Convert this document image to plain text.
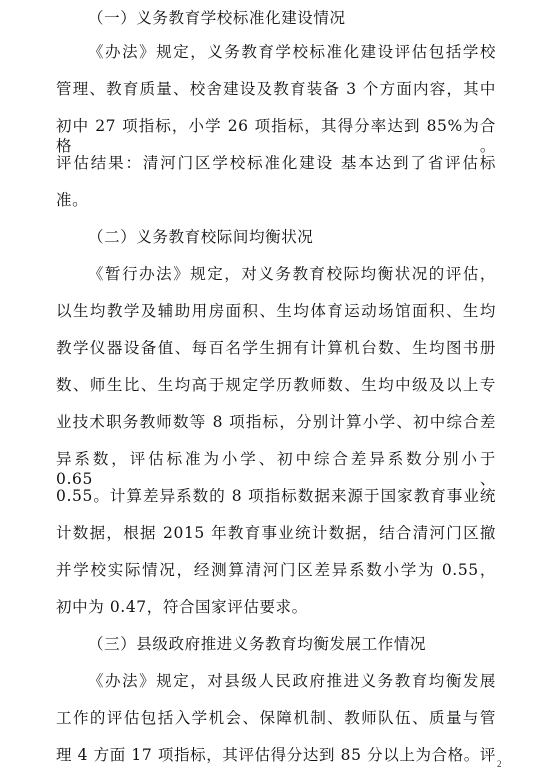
（一）义务教育学校标准化建设情况
《办法》规定，义务教育学校标准化建设评估包括学校
管理、教育质量、校舍建设及教育装备 3 个方面内容，其中
初中 27 项指标，小学 26 项指标，其得分率达到 85%为合格。
评估结果：清河门区学校标准化建设 基本达到了省评估标
准。
（二）义务教育校际间均衡状况
《暂行办法》规定，对义务教育校际均衡状况的评估，
以生均教学及辅助用房面积、生均体育运动场馆面积、生均
教学仪器设备值、每百名学生拥有计算机台数、生均图书册
数、师生比、生均高于规定学历教师数、生均中级及以上专
业技术职务教师数等 8 项指标，分别计算小学、初中综合差
异系数，评估标准为小学、初中综合差异系数分别小于 0.65、
0.55。计算差异系数的 8 项指标数据来源于国家教育事业统
计数据，根据 2015 年教育事业统计数据，结合清河门区撤
并学校实际情况，经测算清河门区差异系数小学为 0.55，
初中为 0.47，符合国家评估要求。
（三）县级政府推进义务教育均衡发展工作情况
《办法》规定，对县级人民政府推进义务教育均衡发展
工作的评估包括入学机会、保障机制、教师队伍、质量与管
理 4 方面 17 项指标，其评估得分达到 85 分以上为合格。评 2
